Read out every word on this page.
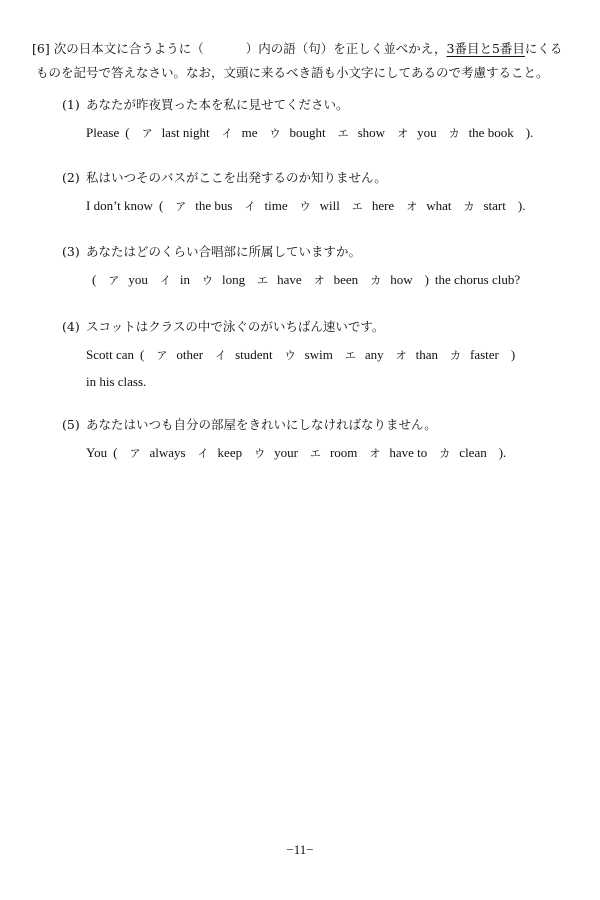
[6] 次の日本文に合うように（	）内の語（句）を正しく並べかえ，3番目と5番目にくる
ものを記号で答えなさい。なお，文頭に来るべき語も小文字にしてあるので考慮すること。
(1) あなたが昨夜買った本を私に見せてください。
Please ( ア last night イ me ウ bought エ show オ you カ the book ).
(2) 私はいつそのバスがここを出発するのか知りません。
I don’t know ( ア the bus イ time ウ will エ here オ what カ start ).
(3) あなたはどのくらい合唱部に所属していますか。
( ア you イ in ウ long エ have オ been カ how ) the chorus club?
(4) スコットはクラスの中で泳ぐのがいちばん速いです。
Scott can ( ア other イ student ウ swim エ any オ than カ faster )
in his class.
(5) あなたはいつも自分の部屋をきれいにしなければなりません。
You ( ア always イ keep ウ your エ room オ have to カ clean ).
−11−
